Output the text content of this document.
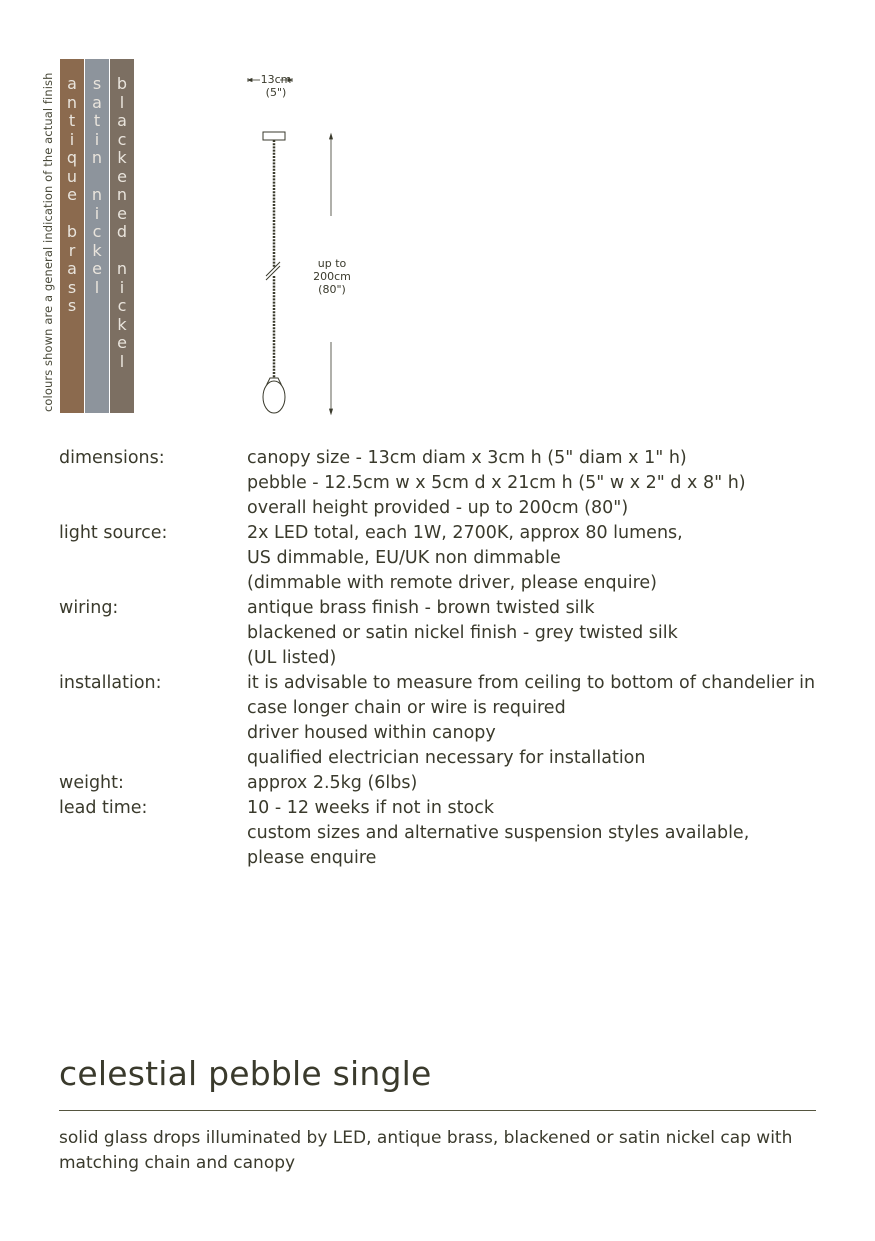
colours shown are a general indication of the actual finish a
n
t
i
q
u
e

b
r
a
s
s
s
a
t
i
n

n
i
c
k
e
l
b
l
a
c
k
e
n
e
d

n
i
c
k
e
l
13cm
(5")
up to
200cm
(80")
dimensions:	canopy size - 13cm diam x 3cm h (5" diam x 1" h)
pebble - 12.5cm w x 5cm d x 21cm h (5" w x 2" d x 8" h)
overall height provided - up to 200cm (80")
light source:	2x LED total, each 1W, 2700K, approx 80 lumens,
US dimmable, EU/UK non dimmable
(dimmable with remote driver, please enquire)
wiring:	antique brass finish - brown twisted silk
blackened or satin nickel finish - grey twisted silk
(UL listed)
installation:	it is advisable to measure from ceiling to bottom of chandelier in
case longer chain or wire is required
driver housed within canopy
qualified electrician necessary for installation
weight:	approx 2.5kg (6lbs)
lead time:	10 - 12 weeks if not in stock
custom sizes and alternative suspension styles available,
please enquire
celestial pebble single
solid glass drops illuminated by LED, antique brass, blackened or satin nickel cap with matching chain and canopy
